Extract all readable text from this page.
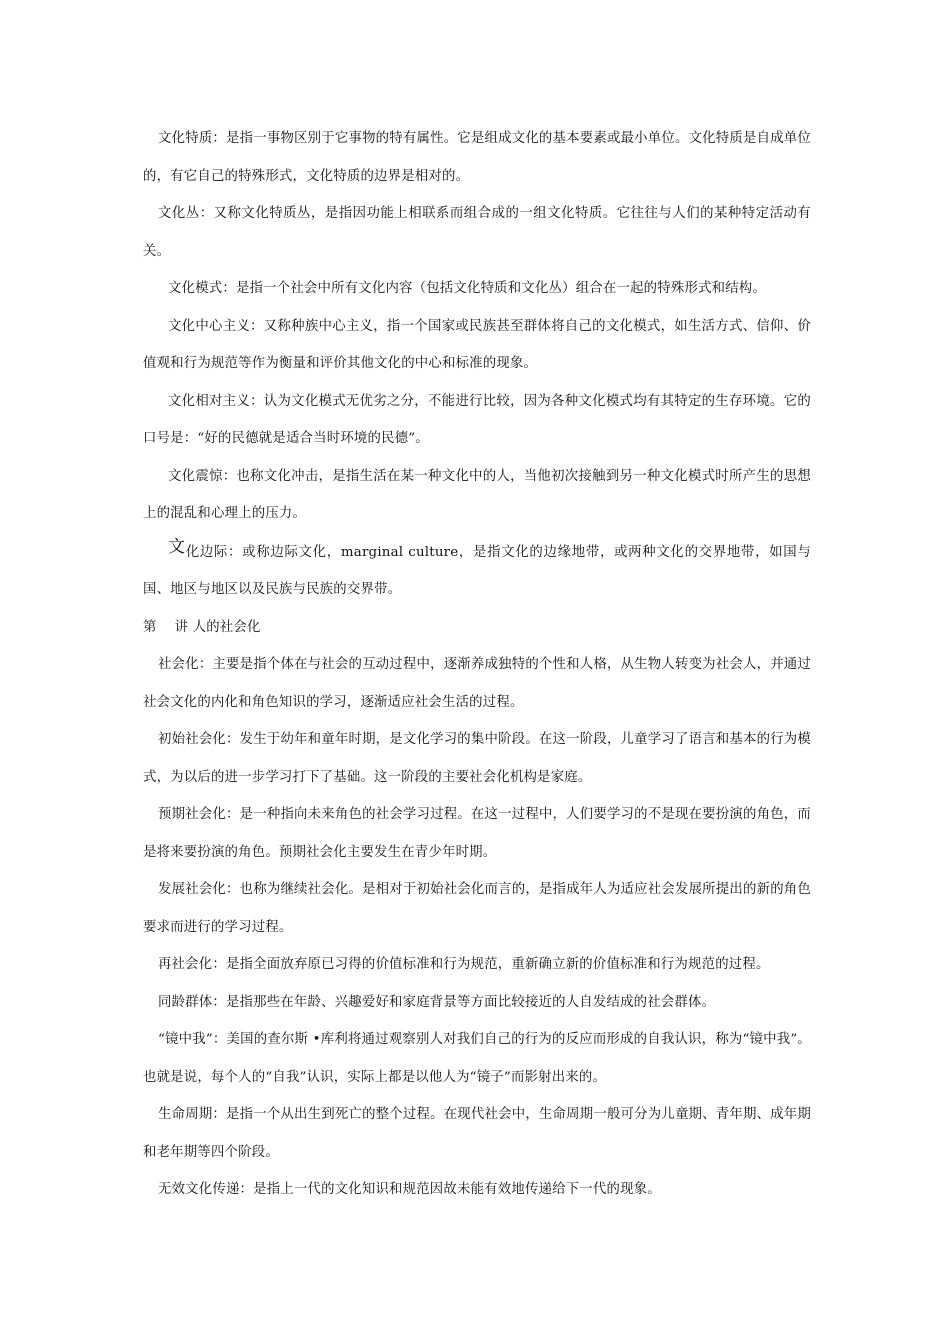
文化特质：是指一事物区别于它事物的特有属性。它是组成文化的基本要素或最小单位。文化特质是自成单位的，有它自己的特殊形式，文化特质的边界是相对的。

文化丛：又称文化特质丛，是指因功能上相联系而组合成的一组文化特质。它往往与人们的某种特定活动有关。

文化模式：是指一个社会中所有文化内容（包括文化特质和文化丛）组合在一起的特殊形式和结构。

文化中心主义：又称种族中心主义，指一个国家或民族甚至群体将自己的文化模式，如生活方式、信仰、价值观和行为规范等作为衡量和评价其他文化的中心和标准的现象。

文化相对主义：认为文化模式无优劣之分，不能进行比较，因为各种文化模式均有其特定的生存环境。它的口号是：“好的民德就是适合当时环境的民德”。

文化震惊：也称文化冲击，是指生活在某一种文化中的人，当他初次接触到另一种文化模式时所产生的思想上的混乱和心理上的压力。

文化边际：或称边际文化，marginal culture，是指文化的边缘地带，或两种文化的交界地带，如国与国、地区与地区以及民族与民族的交界带。

第 讲 人的社会化

社会化：主要是指个体在与社会的互动过程中，逐渐养成独特的个性和人格，从生物人转变为社会人，并通过社会文化的内化和角色知识的学习，逐渐适应社会生活的过程。

初始社会化：发生于幼年和童年时期，是文化学习的集中阶段。在这一阶段，儿童学习了语言和基本的行为模式，为以后的进一步学习打下了基础。这一阶段的主要社会化机构是家庭。

预期社会化：是一种指向未来角色的社会学习过程。在这一过程中，人们要学习的不是现在要扮演的角色，而是将来要扮演的角色。预期社会化主要发生在青少年时期。

发展社会化：也称为继续社会化。是相对于初始社会化而言的，是指成年人为适应社会发展所提出的新的角色要求而进行的学习过程。

再社会化：是指全面放弃原已习得的价值标准和行为规范，重新确立新的价值标准和行为规范的过程。

同龄群体：是指那些在年龄、兴趣爱好和家庭背景等方面比较接近的人自发结成的社会群体。

“镜中我”：美国的查尔斯 •库利将通过观察别人对我们自己的行为的反应而形成的自我认识，称为“镜中我”。也就是说，每个人的“自我”认识，实际上都是以他人为“镜子”而影射出来的。

生命周期：是指一个从出生到死亡的整个过程。在现代社会中，生命周期一般可分为儿童期、青年期、成年期和老年期等四个阶段。

无效文化传递：是指上一代的文化知识和规范因故未能有效地传递给下一代的现象。
